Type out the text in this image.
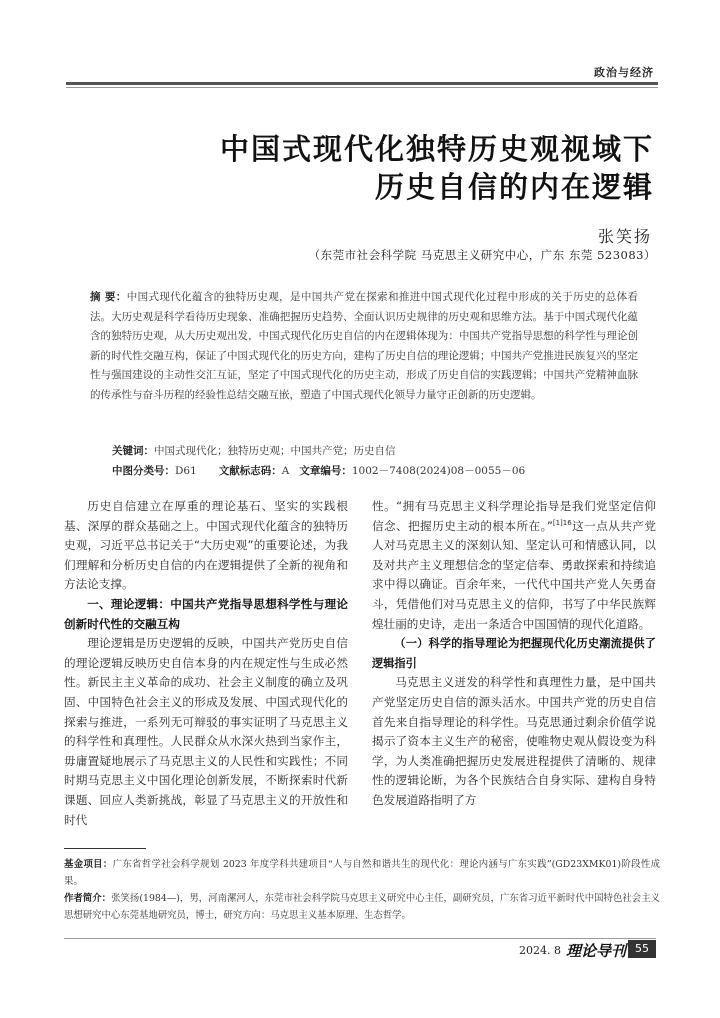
政治与经济
中国式现代化独特历史观视域下
历史自信的内在逻辑
张笑扬
（东莞市社会科学院 马克思主义研究中心，广东 东莞 523083）
摘 要：中国式现代化蕴含的独特历史观，是中国共产党在探索和推进中国式现代化过程中形成的关于历史的总体看法。大历史观是科学看待历史现象、准确把握历史趋势、全面认识历史规律的历史观和思维方法。基于中国式现代化蕴含的独特历史观，从大历史观出发，中国式现代化历史自信的内在逻辑体现为：中国共产党指导思想的科学性与理论创新的时代性交融互构，保证了中国式现代化的历史方向，建构了历史自信的理论逻辑；中国共产党推进民族复兴的坚定性与强国建设的主动性交汇互证，坚定了中国式现代化的历史主动，形成了历史自信的实践逻辑；中国共产党精神血脉的传承性与奋斗历程的经验性总结交融互嵌，塑造了中国式现代化领导力量守正创新的历史逻辑。
关键词：中国式现代化；独特历史观；中国共产党；历史自信
中图分类号：D61 文献标志码：A 文章编号：1002－7408(2024)08－0055－06

历史自信建立在厚重的理论基石、坚实的实践根基、深厚的群众基础之上。中国式现代化蕴含的独特历史观，习近平总书记关于“大历史观”的重要论述，为我们理解和分析历史自信的内在逻辑提供了全新的视角和方法论支撑。

一、理论逻辑：中国共产党指导思想科学性与理论创新时代性的交融互构

理论逻辑是历史逻辑的反映，中国共产党历史自信的理论逻辑反映历史自信本身的内在规定性与生成必然性。新民主主义革命的成功、社会主义制度的确立及巩固、中国特色社会主义的形成及发展、中国式现代化的探索与推进，一系列无可辩驳的事实证明了马克思主义的科学性和真理性。人民群众从水深火热到当家作主，毋庸置疑地展示了马克思主义的人民性和实践性；不同时期马克思主义中国化理论创新发展，不断探索时代新课题、回应人类新挑战，彰显了马克思主义的开放性和时代

性。“拥有马克思主义科学理论指导是我们党坚定信仰信念、把握历史主动的根本所在。”$^{[1]16}$这一点从共产党人对马克思主义的深刻认知、坚定认可和情感认同，以及对共产主义理想信念的坚定信奉、勇敢探索和持续追求中得以确证。百余年来，一代代中国共产党人矢勇奋斗，凭借他们对马克思主义的信仰，书写了中华民族辉煌壮丽的史诗，走出一条适合中国国情的现代化道路。

（一）科学的指导理论为把握现代化历史潮流提供了逻辑指引

马克思主义迸发的科学性和真理性力量，是中国共产党坚定历史自信的源头活水。中国共产党的历史自信首先来自指导理论的科学性。马克思通过剩余价值学说揭示了资本主义生产的秘密，使唯物史观从假设变为科学，为人类准确把握历史发展进程提供了清晰的、规律性的逻辑论断，为各个民族结合自身实际、建构自身特色发展道路指明了方

基金项目：广东省哲学社会科学规划 2023 年度学科共建项目“人与自然和谐共生的现代化：理论内涵与广东实践”(GD23XMK01)阶段性成果。
作者简介：张笑扬(1984—)，男，河南漯河人，东莞市社会科学院马克思主义研究中心主任，副研究员，广东省习近平新时代中国特色社会主义思想研究中心东莞基地研究员，博士，研究方向：马克思主义基本原理、生态哲学。
2024. 8 理论导刊 55
